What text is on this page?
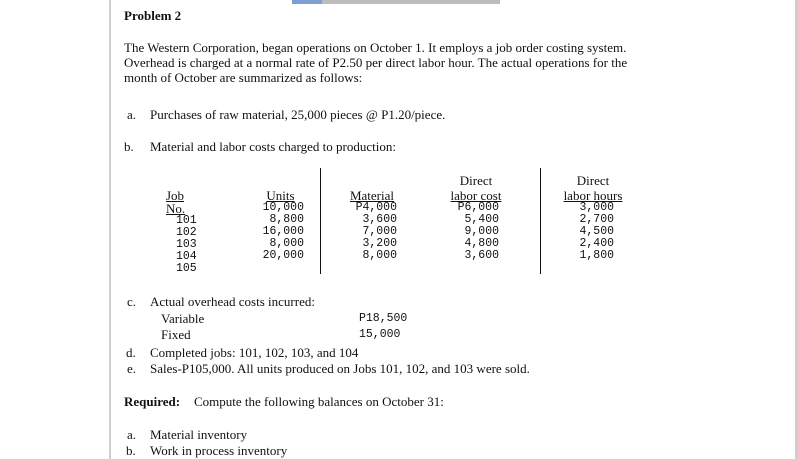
Problem 2
The Western Corporation, began operations on October 1. It employs a job order costing system.
Overhead is charged at a normal rate of P2.50 per direct labor hour. The actual operations for the
month of October are summarized as follows:
a. Purchases of raw material, 25,000 pieces @ P1.20/piece.
b. Material and labor costs charged to production:
Job No.
101
102
103
104
105
Units
10,000
8,800
16,000
8,000
20,000
Material
P4,000
3,600
7,000
3,200
8,000
Direct
labor cost
P6,000
5,400
9,000
4,800
3,600
Direct
labor hours
3,000
2,700
4,500
2,400
1,800
c. Actual overhead costs incurred:
Variable	P18,500
Fixed	15,000
d. Completed jobs: 101, 102, 103, and 104
e. Sales-P105,000. All units produced on Jobs 101, 102, and 103 were sold.
Required: Compute the following balances on October 31:
a. Material inventory
b. Work in process inventory
